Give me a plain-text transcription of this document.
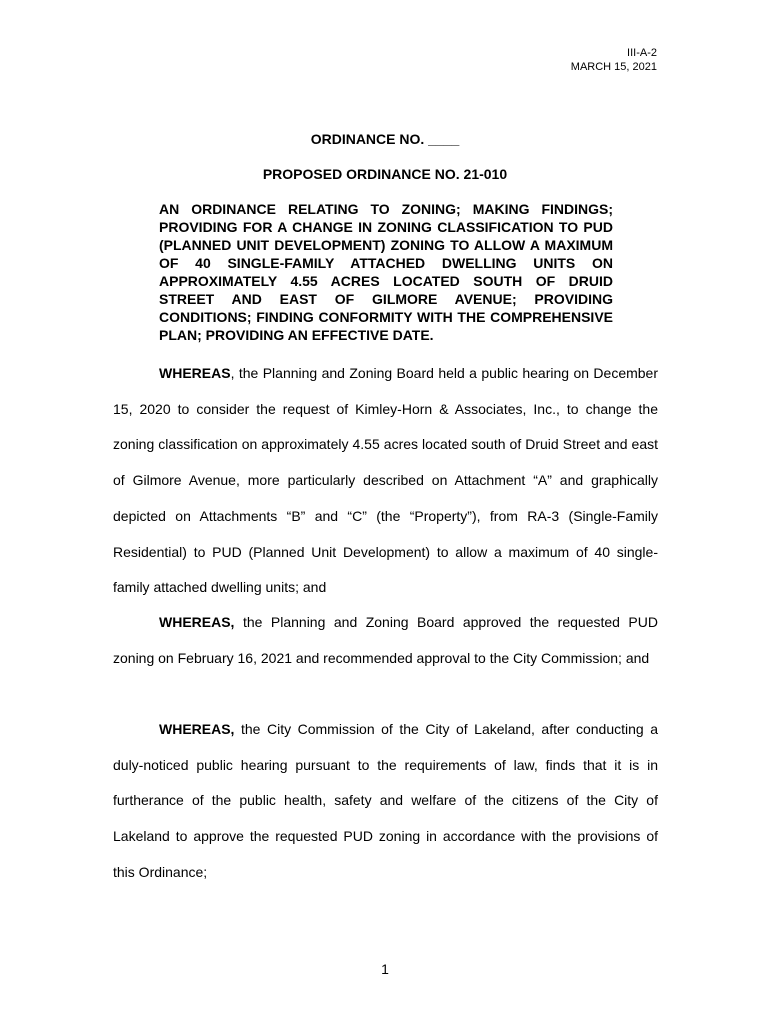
III-A-2
MARCH 15, 2021
ORDINANCE NO. ____
PROPOSED ORDINANCE NO. 21-010
AN ORDINANCE RELATING TO ZONING; MAKING FINDINGS; PROVIDING FOR A CHANGE IN ZONING CLASSIFICATION TO PUD (PLANNED UNIT DEVELOPMENT) ZONING TO ALLOW A MAXIMUM OF 40 SINGLE-FAMILY ATTACHED DWELLING UNITS ON APPROXIMATELY 4.55 ACRES LOCATED SOUTH OF DRUID STREET AND EAST OF GILMORE AVENUE; PROVIDING CONDITIONS; FINDING CONFORMITY WITH THE COMPREHENSIVE PLAN; PROVIDING AN EFFECTIVE DATE.
WHEREAS, the Planning and Zoning Board held a public hearing on December 15, 2020 to consider the request of Kimley-Horn & Associates, Inc., to change the zoning classification on approximately 4.55 acres located south of Druid Street and east of Gilmore Avenue, more particularly described on Attachment “A” and graphically depicted on Attachments “B” and “C” (the “Property”), from RA-3 (Single-Family Residential) to PUD (Planned Unit Development) to allow a maximum of 40 single-family attached dwelling units; and
WHEREAS, the Planning and Zoning Board approved the requested PUD zoning on February 16, 2021 and recommended approval to the City Commission; and
WHEREAS, the City Commission of the City of Lakeland, after conducting a duly-noticed public hearing pursuant to the requirements of law, finds that it is in furtherance of the public health, safety and welfare of the citizens of the City of Lakeland to approve the requested PUD zoning in accordance with the provisions of this Ordinance;
1
